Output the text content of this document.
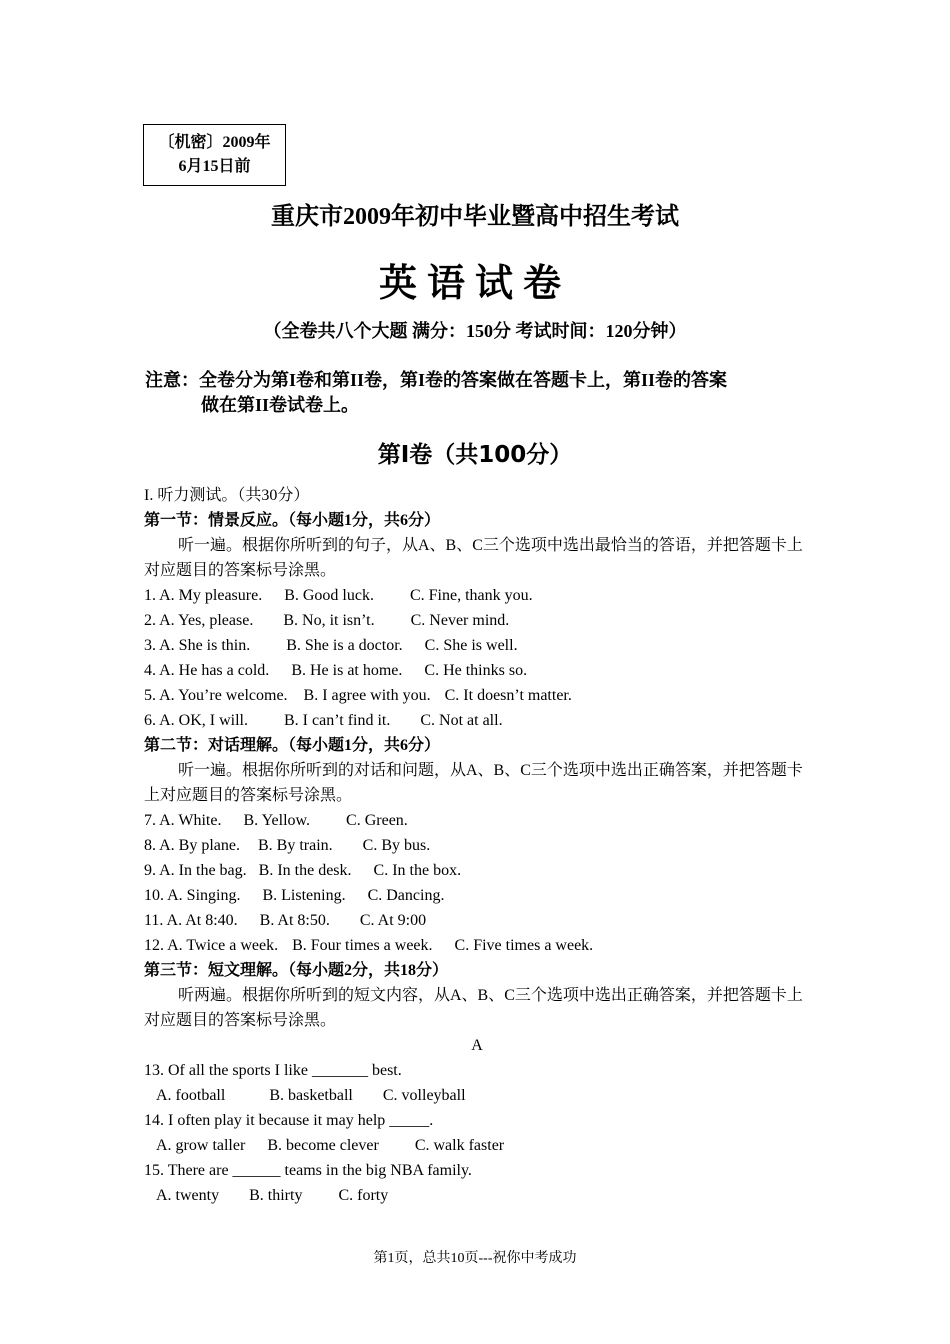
〔机密〕2009年
6月15日前
重庆市2009年初中毕业暨高中招生考试
英语试卷
（全卷共八个大题 满分：150分 考试时间：120分钟）
注意：全卷分为第I卷和第II卷，第I卷的答案做在答题卡上，第II卷的答案
做在第II卷试卷上。
第Ⅰ卷（共100分）
I. 听力测试。（共30分）
第一节：情景反应。（每小题1分，共6分）
听一遍。根据你所听到的句子，从A、B、C三个选项中选出最恰当的答语，并把答题卡上对应题目的答案标号涂黑。
1. A. My pleasure. B. Good luck. C. Fine, thank you.
2. A. Yes, please. B. No, it isn’t. C. Never mind.
3. A. She is thin. B. She is a doctor. C. She is well.
4. A. He has a cold. B. He is at home. C. He thinks so.
5. A. You’re welcome. B. I agree with you. C. It doesn’t matter.
6. A. OK, I will. B. I can’t find it. C. Not at all.
第二节：对话理解。（每小题1分，共6分）
听一遍。根据你所听到的对话和问题，从A、B、C三个选项中选出正确答案，并把答题卡上对应题目的答案标号涂黑。
7. A. White. B. Yellow. C. Green.
8. A. By plane. B. By train. C. By bus.
9. A. In the bag. B. In the desk. C. In the box.
10. A. Singing. B. Listening. C. Dancing.
11. A. At 8:40. B. At 8:50. C. At 9:00
12. A. Twice a week. B. Four times a week. C. Five times a week.
第三节：短文理解。（每小题2分，共18分）
听两遍。根据你所听到的短文内容，从A、B、C三个选项中选出正确答案，并把答题卡上对应题目的答案标号涂黑。
A
13. Of all the sports I like _______ best.
A. football	B. basketball C. volleyball
14. I often play it because it may help _____.
A. grow taller B. become clever C. walk faster
15. There are ______ teams in the big NBA family.
A. twenty B. thirty C. forty
第1页，总共10页---祝你中考成功
